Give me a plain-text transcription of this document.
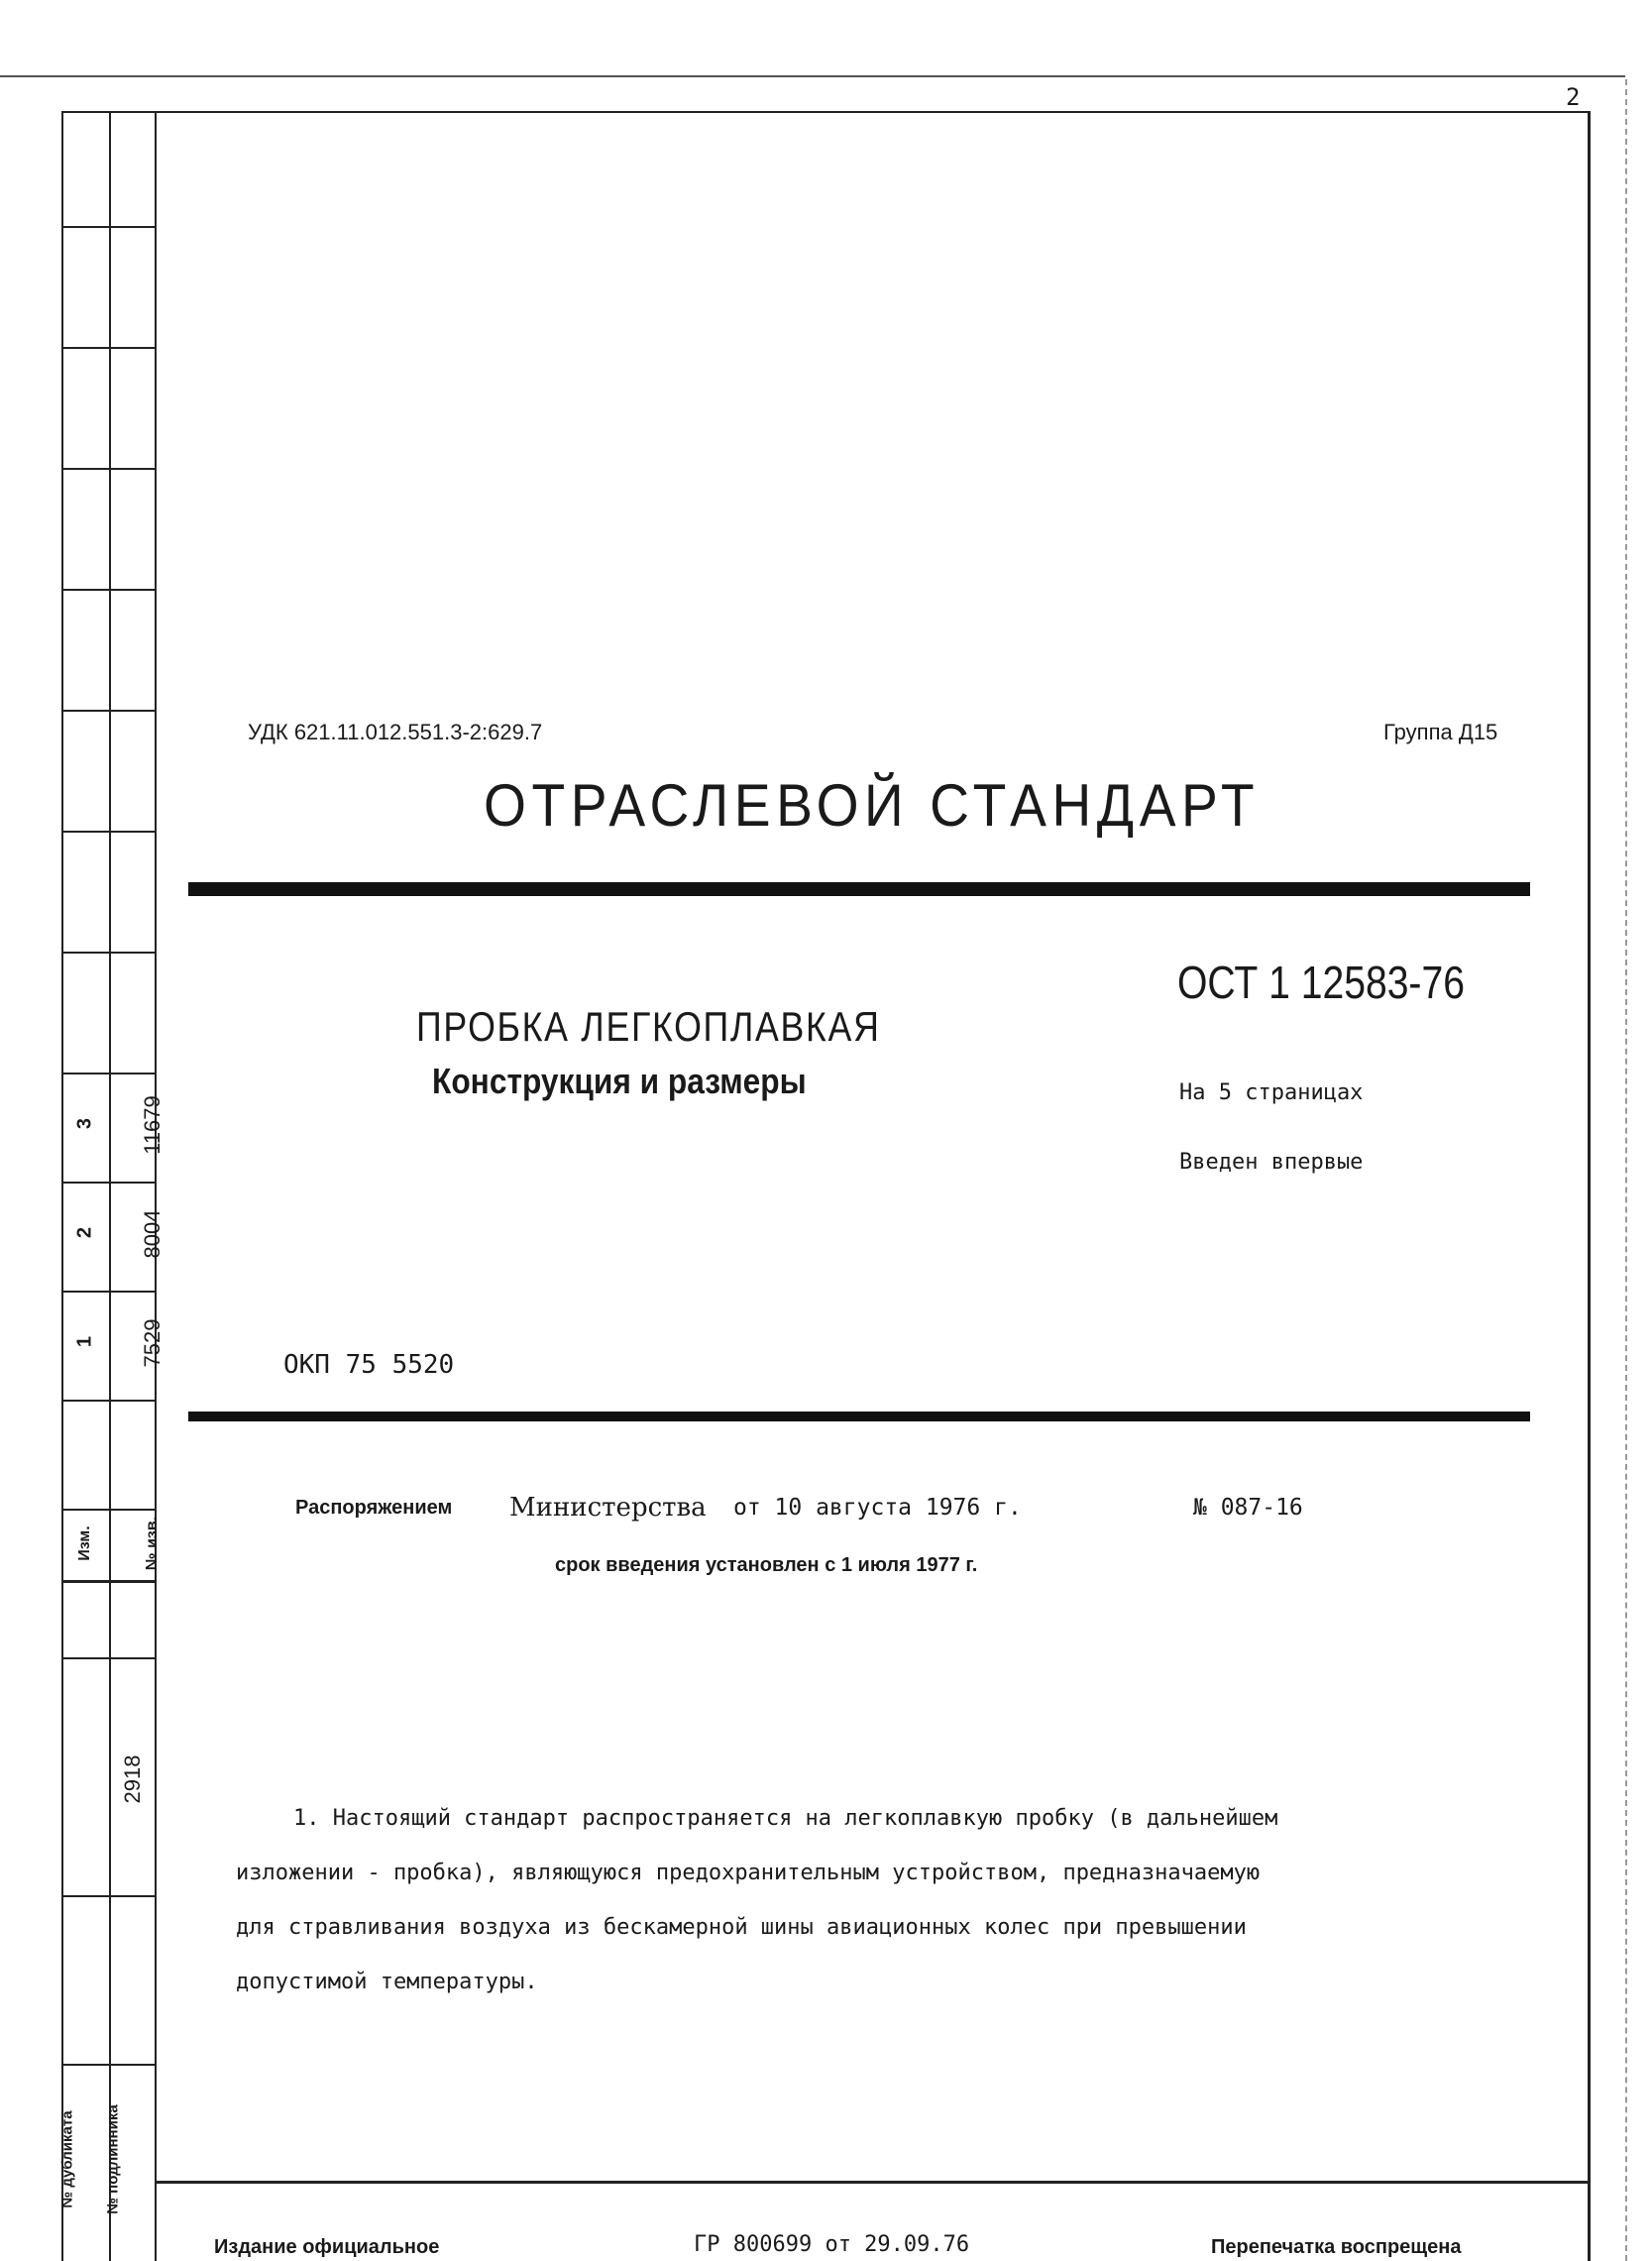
2
3 11679
2 8004
1 7529
Изм.	№ изв.
2918
№ дубликата № подлинника
УДК 621.11.012.551.3-2:629.7	Группа Д15
ОТРАСЛЕВОЙ СТАНДАРТ
ОСТ 1 12583-76
ПРОБКА ЛЕГКОПЛАВКАЯ
Конструкция и размеры	На 5 страницах
Введен впервые
ОКП 75 5520
Распоряжением Министерства от 10 августа 1976 г.	№ 087-16
срок введения установлен с 1 июля 1977 г.
1. Настоящий стандарт распространяется на легкоплавкую пробку (в дальнейшем
изложении - пробка), являющуюся предохранительным устройством, предназначаемую
для стравливания воздуха из бескамерной шины авиационных колес при превышении
допустимой температуры.
Издание официальное	ГР 800699 от 29.09.76	Перепечатка воспрещена
